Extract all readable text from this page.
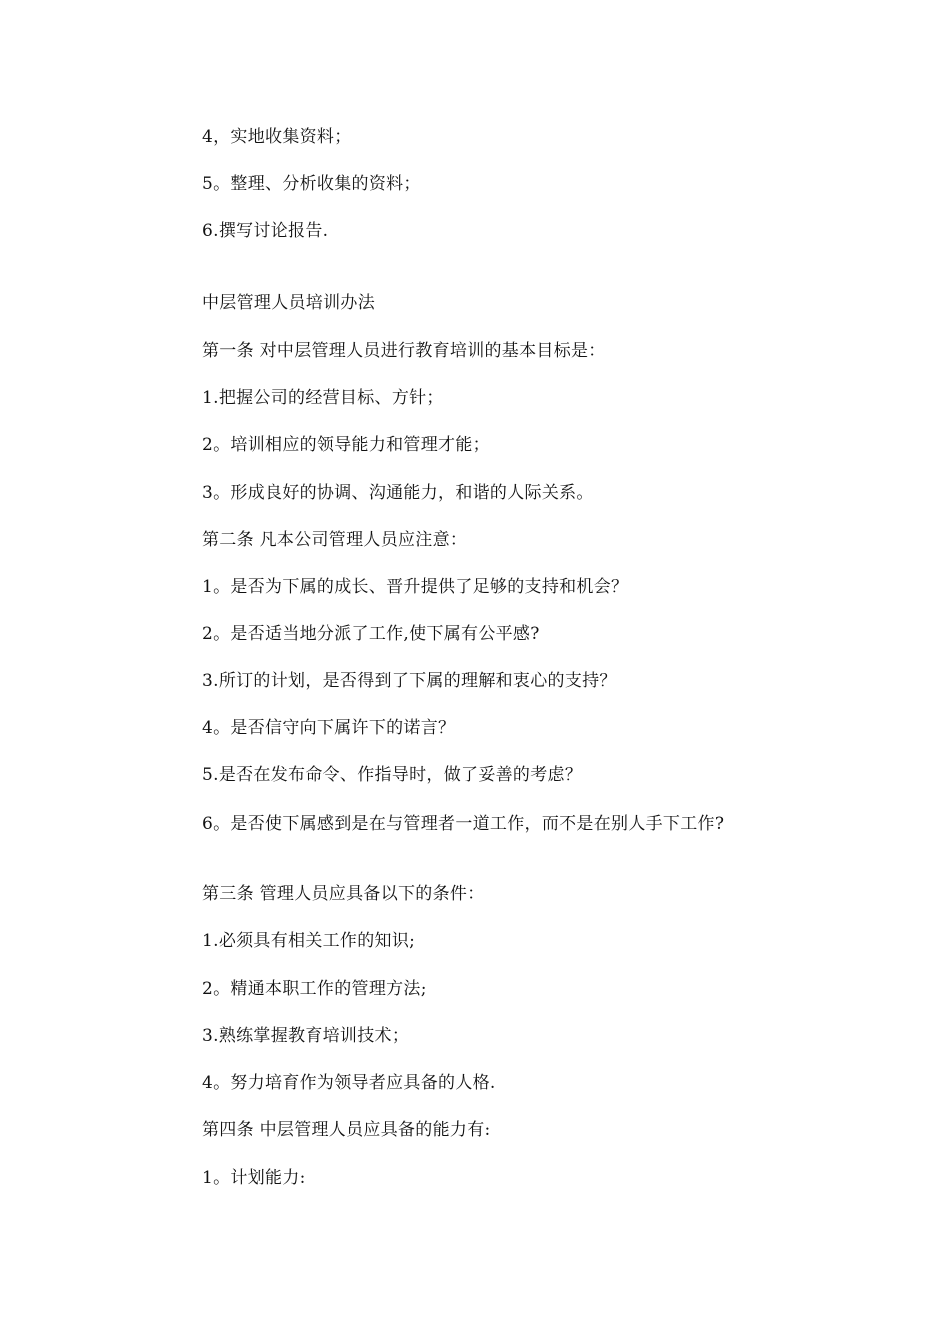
4，实地收集资料；
5。整理、分析收集的资料；
6.撰写讨论报告.
中层管理人员培训办法
第一条 对中层管理人员进行教育培训的基本目标是：
1.把握公司的经营目标、方针；
2。培训相应的领导能力和管理才能；
3。形成良好的协调、沟通能力，和谐的人际关系。
第二条 凡本公司管理人员应注意：
1。是否为下属的成长、晋升提供了足够的支持和机会？
2。是否适当地分派了工作,使下属有公平感?
3.所订的计划，是否得到了下属的理解和衷心的支持？
4。是否信守向下属许下的诺言？
5.是否在发布命令、作指导时，做了妥善的考虑？
6。是否使下属感到是在与管理者一道工作，而不是在别人手下工作?
第三条 管理人员应具备以下的条件：
1.必须具有相关工作的知识;
2。精通本职工作的管理方法;
3.熟练掌握教育培训技术；
4。努力培育作为领导者应具备的人格.
第四条 中层管理人员应具备的能力有:
1。计划能力:
